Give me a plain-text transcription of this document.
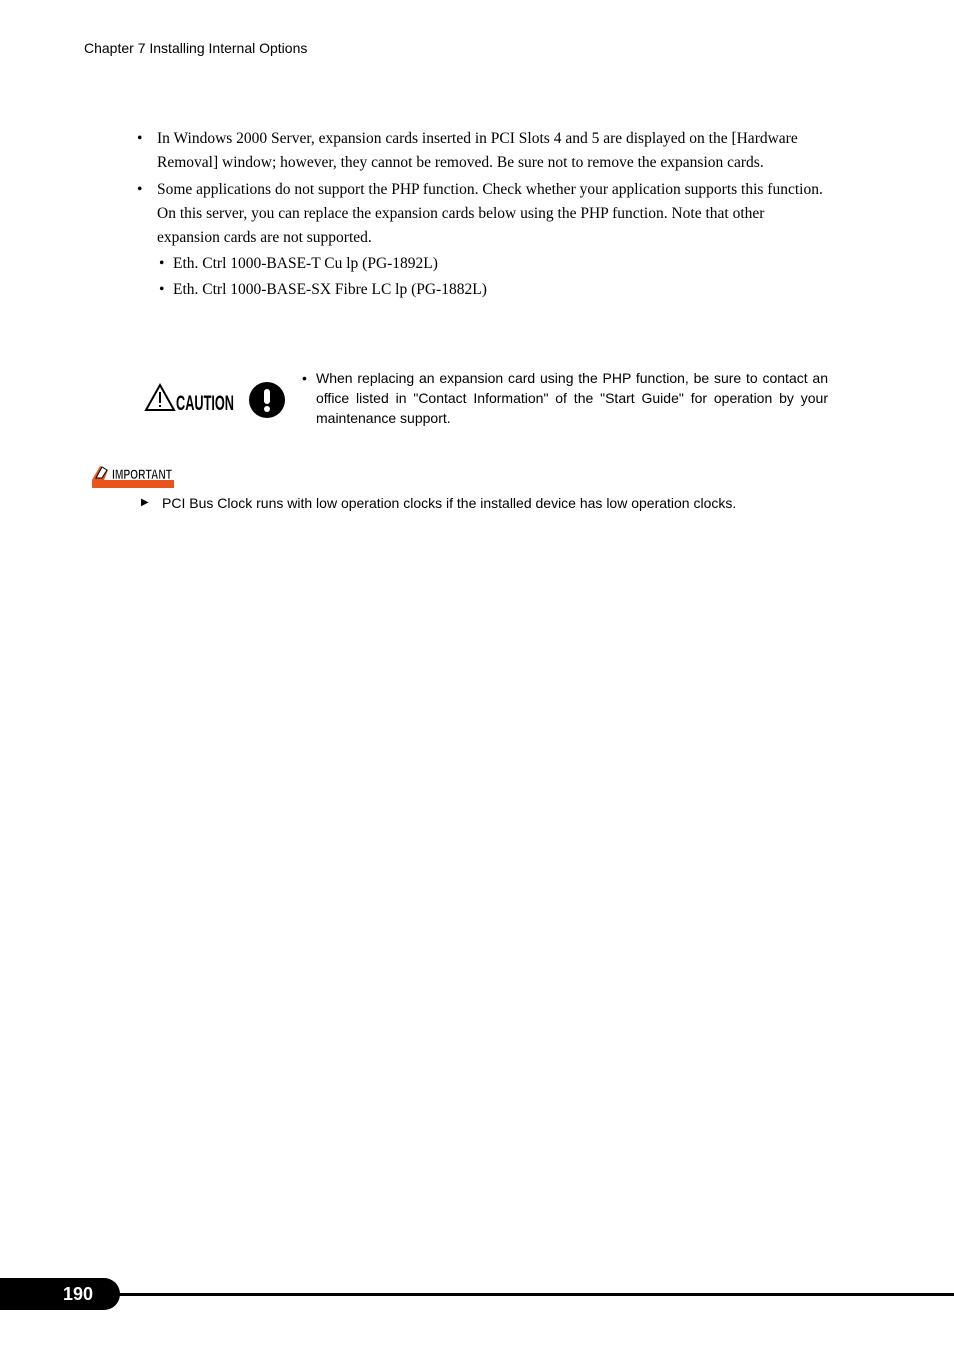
Chapter 7 Installing Internal Options
• In Windows 2000 Server, expansion cards inserted in PCI Slots 4 and 5 are displayed on the [Hardware Removal] window; however, they cannot be removed. Be sure not to remove the expansion cards.
• Some applications do not support the PHP function. Check whether your application supports this function.
On this server, you can replace the expansion cards below using the PHP function. Note that other expansion cards are not supported.
• Eth. Ctrl 1000-BASE-T Cu lp (PG-1892L)
• Eth. Ctrl 1000-BASE-SX Fibre LC lp (PG-1882L)
CAUTION
• When replacing an expansion card using the PHP function, be sure to contact an office listed in "Contact Information" of the "Start Guide" for operation by your maintenance support.
IMPORTANT
▶ PCI Bus Clock runs with low operation clocks if the installed device has low operation clocks.
190
